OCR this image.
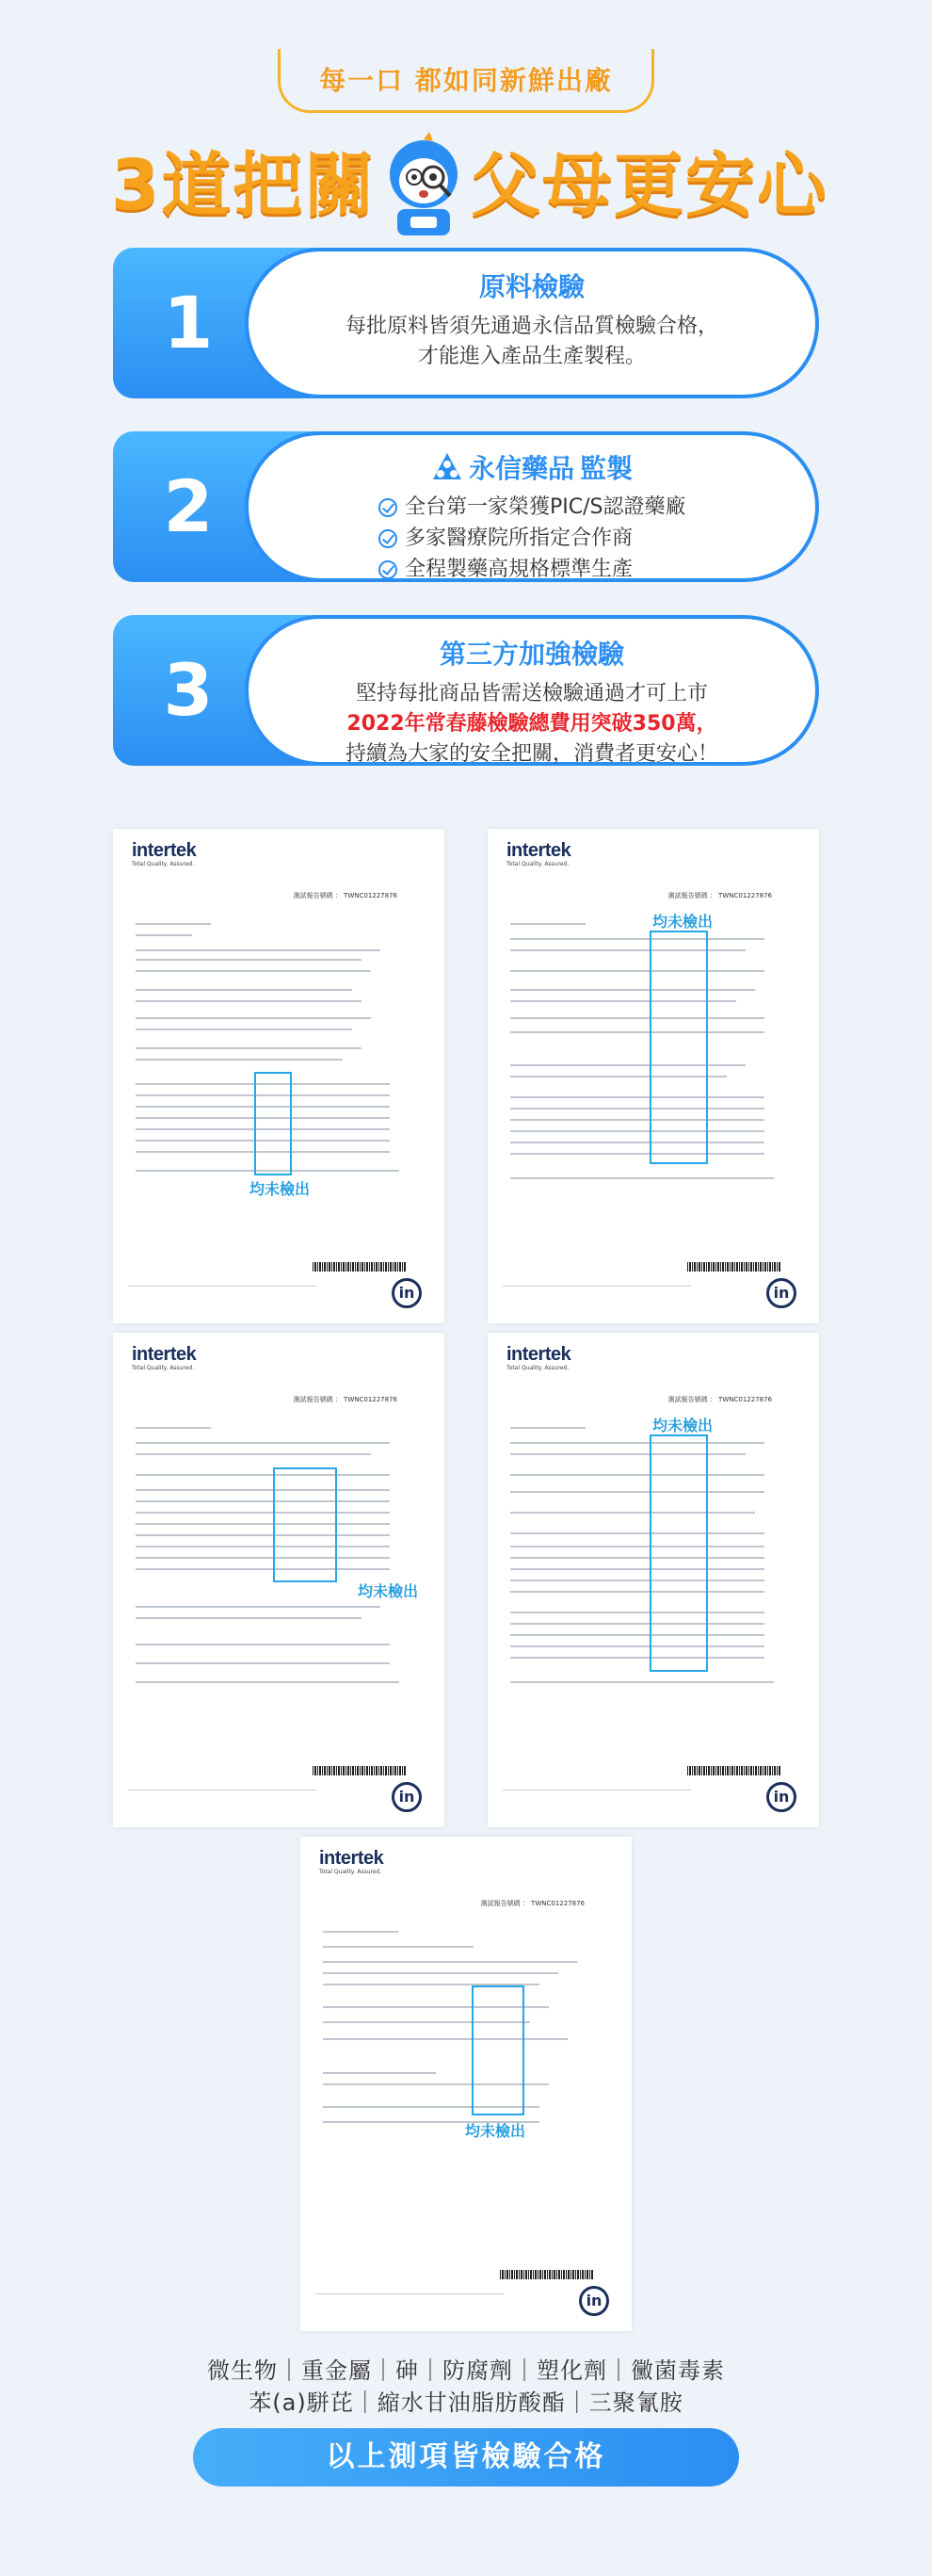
每一口 都如同新鮮出廠
3道把關 父母更安心
1	原料檢驗
每批原料皆須先通過永信品質檢驗合格，
才能進入產品生產製程。
2	永信藥品 監製
全台第一家榮獲PIC/S認證藥廠
多家醫療院所指定合作商
全程製藥高規格標準生產
3	第三方加強檢驗
堅持每批商品皆需送檢驗通過才可上市
2022年常春藤檢驗總費用突破350萬，
持續為大家的安全把關，消費者更安心！
intertek
Total Quality. Assured.
測試報告號碼 ： TWNC01227876
均未檢出
in
intertek
Total Quality. Assured.
測試報告號碼 ： TWNC01227876
均未檢出
in
intertek
Total Quality. Assured.
測試報告號碼 ： TWNC01227876
均未檢出
in
intertek
Total Quality. Assured.
測試報告號碼 ： TWNC01227876
均未檢出
in
intertek
Total Quality. Assured.
測試報告號碼 ： TWNC01227876
均未檢出
in
微生物｜重金屬｜砷｜防腐劑｜塑化劑｜黴菌毒素
苯(a)駢芘｜縮水甘油脂肪酸酯｜三聚氰胺
以上測項皆檢驗合格
